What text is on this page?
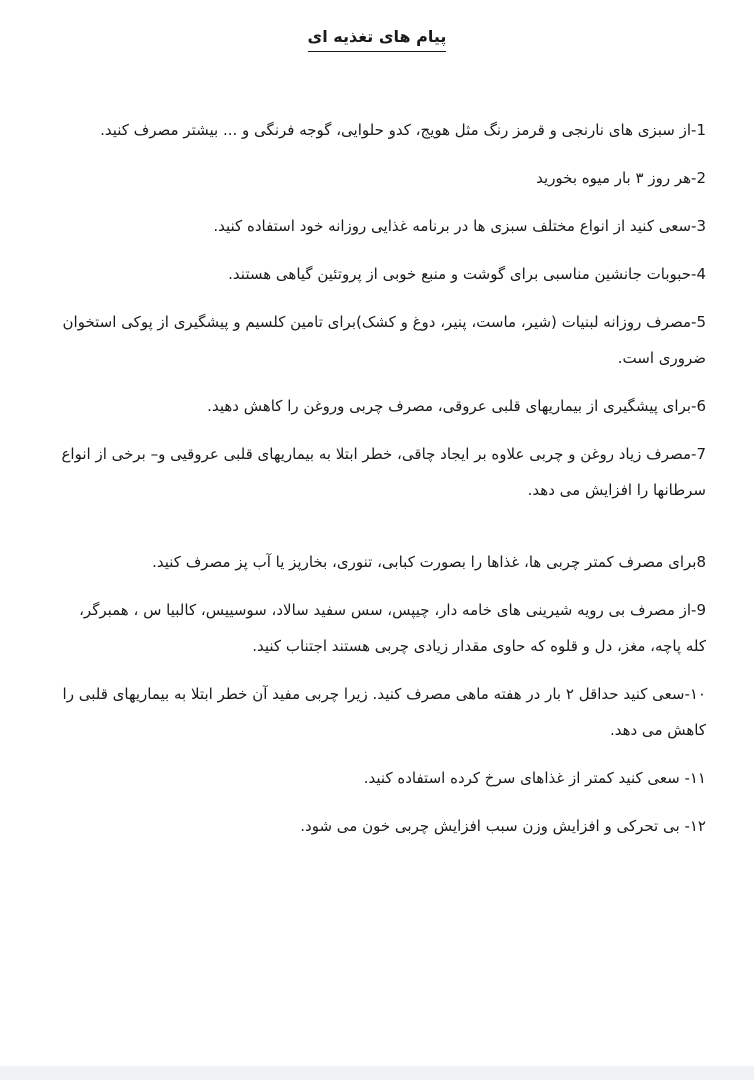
پیام های تغذیه ای

1-از سبزی های نارنجی و قرمز رنگ مثل هویج، کدو حلوایی، گوجه فرنگی و ... بیشتر مصرف کنید.

2-هر روز ۳ بار میوه بخورید

3-سعی کنید از انواع مختلف سبزی ها در برنامه غذایی روزانه خود استفاده کنید.

4-حبوبات جانشین مناسبی برای گوشت و منبع خوبی از پروتئین گیاهی هستند.

5-مصرف روزانه لبنیات (شیر، ماست، پنیر، دوغ و کشک)برای تامین کلسیم و پیشگیری از پوکی استخوان ضروری است.

6-برای پیشگیری از بیماریهای قلبی عروقی، مصرف چربی وروغن را کاهش دهید.

7-مصرف زیاد روغن و چربی علاوه بر ایجاد چاقی، خطر ابتلا به بیماریهای قلبی عروقیی و– برخی از انواع سرطانها را افزایش می دهد.

8برای مصرف کمتر چربی ها، غذاها را بصورت کبابی، تنوری، بخارپز یا آب پز مصرف کنید.

9-از مصرف بی رویه شیرینی های خامه دار، چیپس، سس سفید سالاد، سوسییس، کالبیا س ، همبرگر، کله پاچه، مغز، دل و قلوه که حاوی مقدار زیادی چربی هستند اجتناب کنید.

۱۰-سعی کنید حداقل ۲ بار در هفته ماهی مصرف کنید. زیرا چربی مفید آن خطر ابتلا به بیماریهای قلبی را کاهش می دهد.

۱۱- سعی کنید کمتر از غذاهای سرخ کرده استفاده کنید.

۱۲- بی تحرکی و افزایش وزن سبب افزایش چربی خون می شود.
